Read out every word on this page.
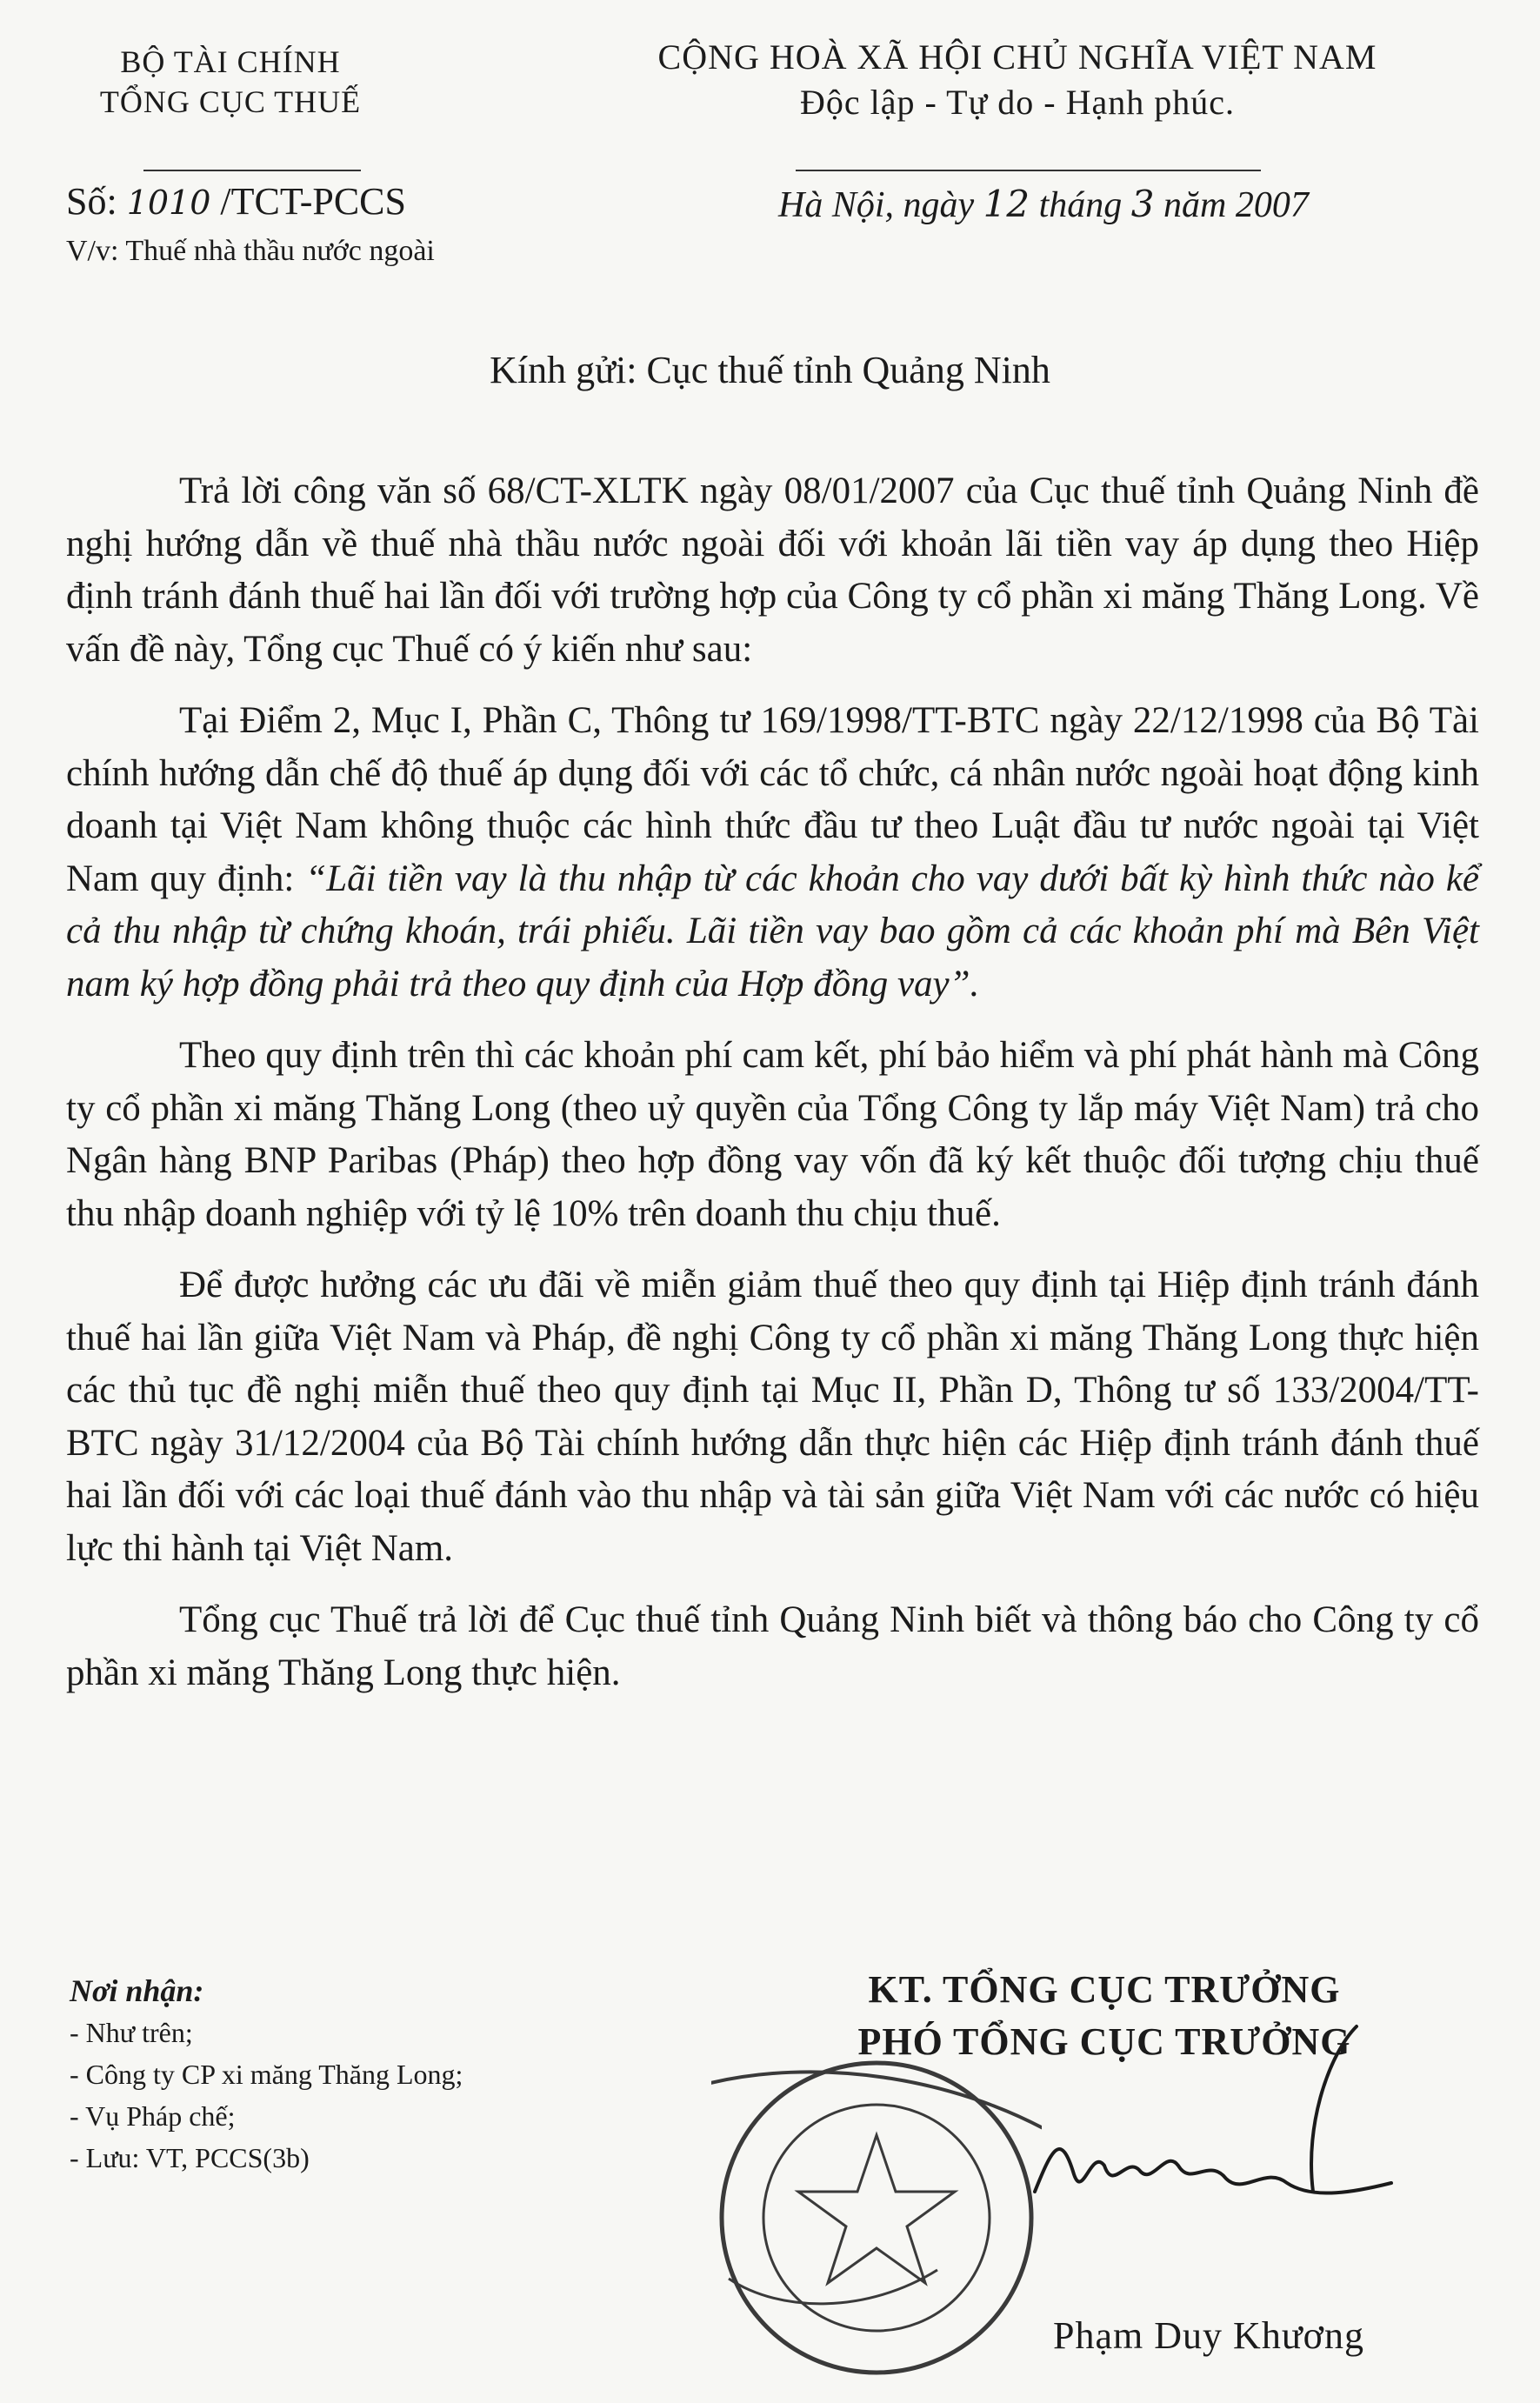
BỘ TÀI CHÍNH
TỔNG CỤC THUẾ
CỘNG HOÀ XÃ HỘI CHỦ NGHĨA VIỆT NAM
Độc lập - Tự do - Hạnh phúc.
Số: 1010 /TCT-PCCS
V/v: Thuế nhà thầu nước ngoài
Hà Nội, ngày 12 tháng 3 năm 2007
Kính gửi: Cục thuế tỉnh Quảng Ninh

Trả lời công văn số 68/CT-XLTK ngày 08/01/2007 của Cục thuế tỉnh Quảng Ninh đề nghị hướng dẫn về thuế nhà thầu nước ngoài đối với khoản lãi tiền vay áp dụng theo Hiệp định tránh đánh thuế hai lần đối với trường hợp của Công ty cổ phần xi măng Thăng Long. Về vấn đề này, Tổng cục Thuế có ý kiến như sau:

Tại Điểm 2, Mục I, Phần C, Thông tư 169/1998/TT-BTC ngày 22/12/1998 của Bộ Tài chính hướng dẫn chế độ thuế áp dụng đối với các tổ chức, cá nhân nước ngoài hoạt động kinh doanh tại Việt Nam không thuộc các hình thức đầu tư theo Luật đầu tư nước ngoài tại Việt Nam quy định: “Lãi tiền vay là thu nhập từ các khoản cho vay dưới bất kỳ hình thức nào kể cả thu nhập từ chứng khoán, trái phiếu. Lãi tiền vay bao gồm cả các khoản phí mà Bên Việt nam ký hợp đồng phải trả theo quy định của Hợp đồng vay”.

Theo quy định trên thì các khoản phí cam kết, phí bảo hiểm và phí phát hành mà Công ty cổ phần xi măng Thăng Long (theo uỷ quyền của Tổng Công ty lắp máy Việt Nam) trả cho Ngân hàng BNP Paribas (Pháp) theo hợp đồng vay vốn đã ký kết thuộc đối tượng chịu thuế thu nhập doanh nghiệp với tỷ lệ 10% trên doanh thu chịu thuế.

Để được hưởng các ưu đãi về miễn giảm thuế theo quy định tại Hiệp định tránh đánh thuế hai lần giữa Việt Nam và Pháp, đề nghị Công ty cổ phần xi măng Thăng Long thực hiện các thủ tục đề nghị miễn thuế theo quy định tại Mục II, Phần D, Thông tư số 133/2004/TT-BTC ngày 31/12/2004 của Bộ Tài chính hướng dẫn thực hiện các Hiệp định tránh đánh thuế hai lần đối với các loại thuế đánh vào thu nhập và tài sản giữa Việt Nam với các nước có hiệu lực thi hành tại Việt Nam.

Tổng cục Thuế trả lời để Cục thuế tỉnh Quảng Ninh biết và thông báo cho Công ty cổ phần xi măng Thăng Long thực hiện.

Nơi nhận:
- Như trên;
- Công ty CP xi măng Thăng Long;
- Vụ Pháp chế;
- Lưu: VT, PCCS(3b)
KT. TỔNG CỤC TRƯỞNG
PHÓ TỔNG CỤC TRƯỞNG
Phạm Duy Khương
